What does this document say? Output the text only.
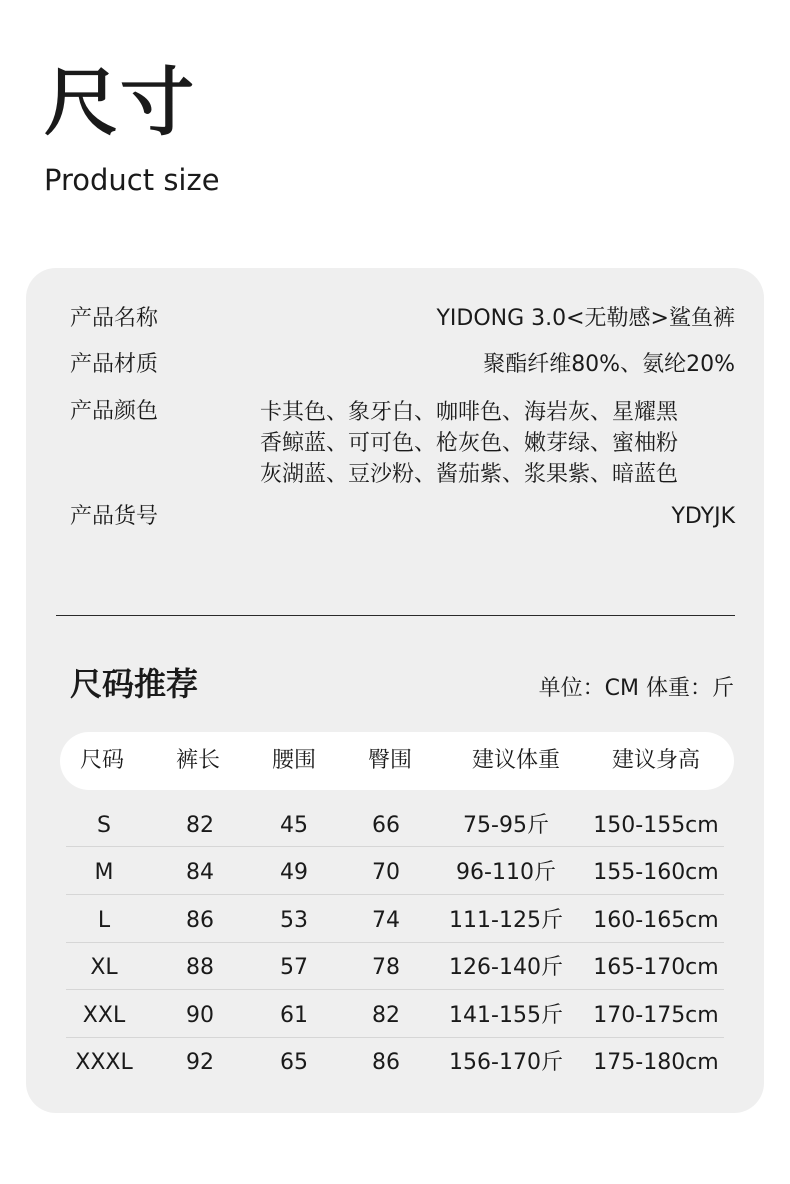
尺寸
Product size
产品名称	YIDONG 3.0<无勒感>鲨鱼裤
产品材质	聚酯纤维80%、氨纶20%
产品颜色	卡其色、象牙白、咖啡色、海岩灰、星耀黑
香鲸蓝、可可色、枪灰色、嫩芽绿、蜜柚粉
灰湖蓝、豆沙粉、酱茄紫、浆果紫、暗蓝色
产品货号	YDYJK
尺码推荐	单位：CM 体重：斤
尺码	裤长	腰围	臀围	建议体重	建议身高
S	82	45	66	75-95斤	150-155cm
M	84	49	70	96-110斤	155-160cm
L	86	53	74	111-125斤	160-165cm
XL	88	57	78	126-140斤	165-170cm
XXL	90	61	82	141-155斤	170-175cm
XXXL	92	65	86	156-170斤	175-180cm
